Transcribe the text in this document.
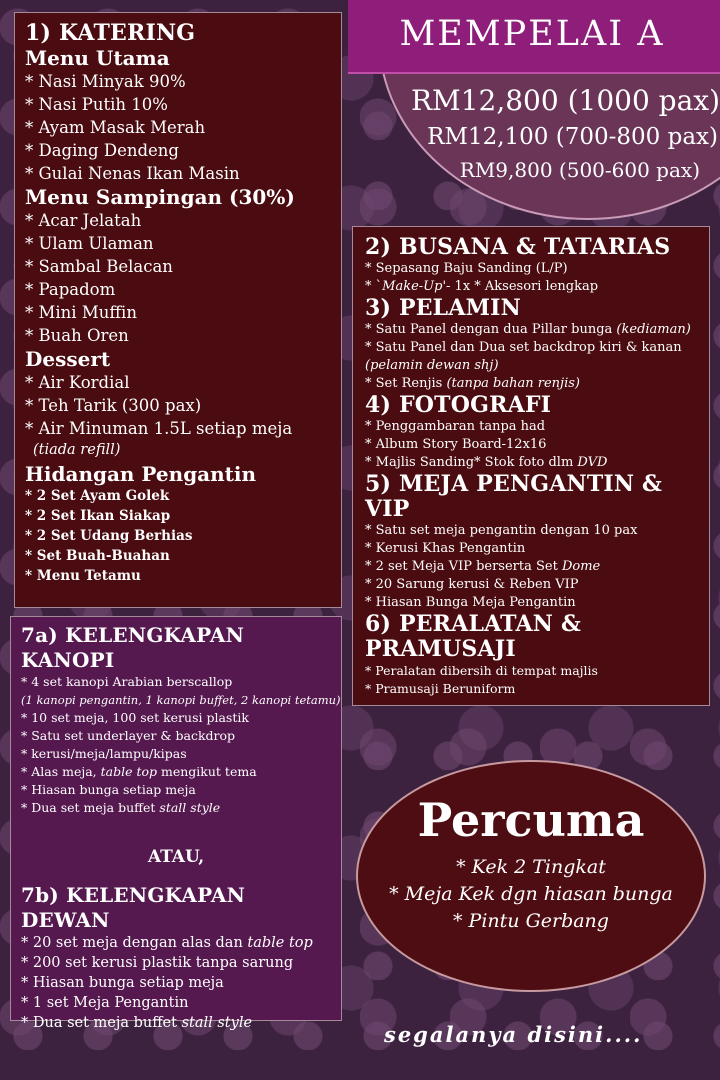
1) KATERING
Menu Utama

* Nasi Minyak 90%

* Nasi Putih 10%

* Ayam Masak Merah

* Daging Dendeng

* Gulai Nenas Ikan Masin

Menu Sampingan (30%)

* Acar Jelatah

* Ulam Ulaman

* Sambal Belacan

* Papadom

* Mini Muffin

* Buah Oren

Dessert

* Air Kordial

* Teh Tarik (300 pax)

* Air Minuman 1.5L setiap meja

(tiada refill)

Hidangan Pengantin

* 2 Set Ayam Golek

* 2 Set Ikan Siakap

* 2 Set Udang Berhias

* Set Buah-Buahan

* Menu Tetamu

MEMPELAI A
RM12,800 (1000 pax)
RM12,100 (700-800 pax)
RM9,800 (500-600 pax)
2) BUSANA & TATARIAS

* Sepasang Baju Sanding (L/P)

* `Make-Up'- 1x * Aksesori lengkap

3) PELAMIN

* Satu Panel dengan dua Pillar bunga (kediaman)

* Satu Panel dan Dua set backdrop kiri & kanan

(pelamin dewan shj)

* Set Renjis (tanpa bahan renjis)

4) FOTOGRAFI

* Penggambaran tanpa had

* Album Story Board-12x16

* Majlis Sanding* Stok foto dlm DVD

5) MEJA PENGANTIN & VIP

* Satu set meja pengantin dengan 10 pax

* Kerusi Khas Pengantin

* 2 set Meja VIP berserta Set Dome

* 20 Sarung kerusi & Reben VIP

* Hiasan Bunga Meja Pengantin

6) PERALATAN & PRAMUSAJI

* Peralatan dibersih di tempat majlis

* Pramusaji Beruniform

7a) KELENGKAPAN KANOPI

* 4 set kanopi Arabian berscallop

(1 kanopi pengantin, 1 kanopi buffet, 2 kanopi tetamu)

* 10 set meja, 100 set kerusi plastik

* Satu set underlayer & backdrop

* kerusi/meja/lampu/kipas

* Alas meja, table top mengikut tema

* Hiasan bunga setiap meja

* Dua set meja buffet stall style

ATAU,

7b) KELENGKAPAN DEWAN

* 20 set meja dengan alas dan table top

* 200 set kerusi plastik tanpa sarung

* Hiasan bunga setiap meja

* 1 set Meja Pengantin

* Dua set meja buffet stall style

Percuma
* Kek 2 Tingkat
* Meja Kek dgn hiasan bunga
* Pintu Gerbang
segalanya disini....
